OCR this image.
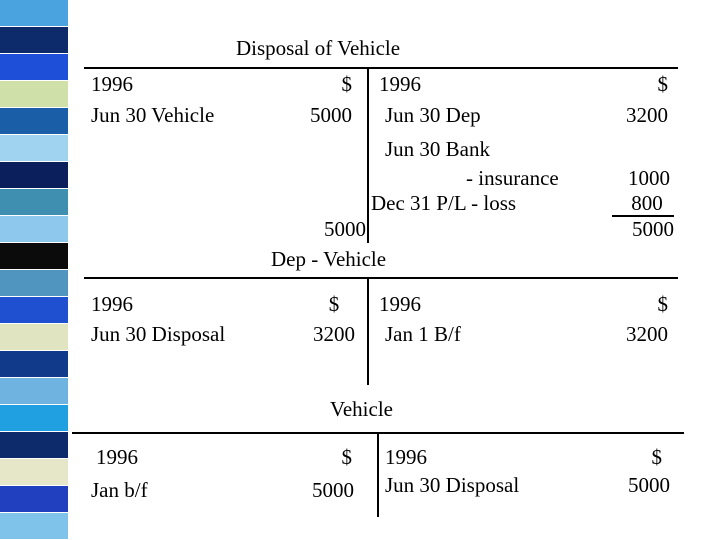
Disposal of Vehicle
1996
Jun 30 Vehicle
$
5000
5000
1996
Jun 30 Dep
Jun 30 Bank
- insurance
Dec 31 P/L - loss
$
3200
1000
800
5000
Dep - Vehicle
1996
Jun 30 Disposal
$
3200
1996
Jan 1 B/f
$
3200
Vehicle
1996
Jan b/f
$
5000
1996
Jun 30 Disposal
$
5000
